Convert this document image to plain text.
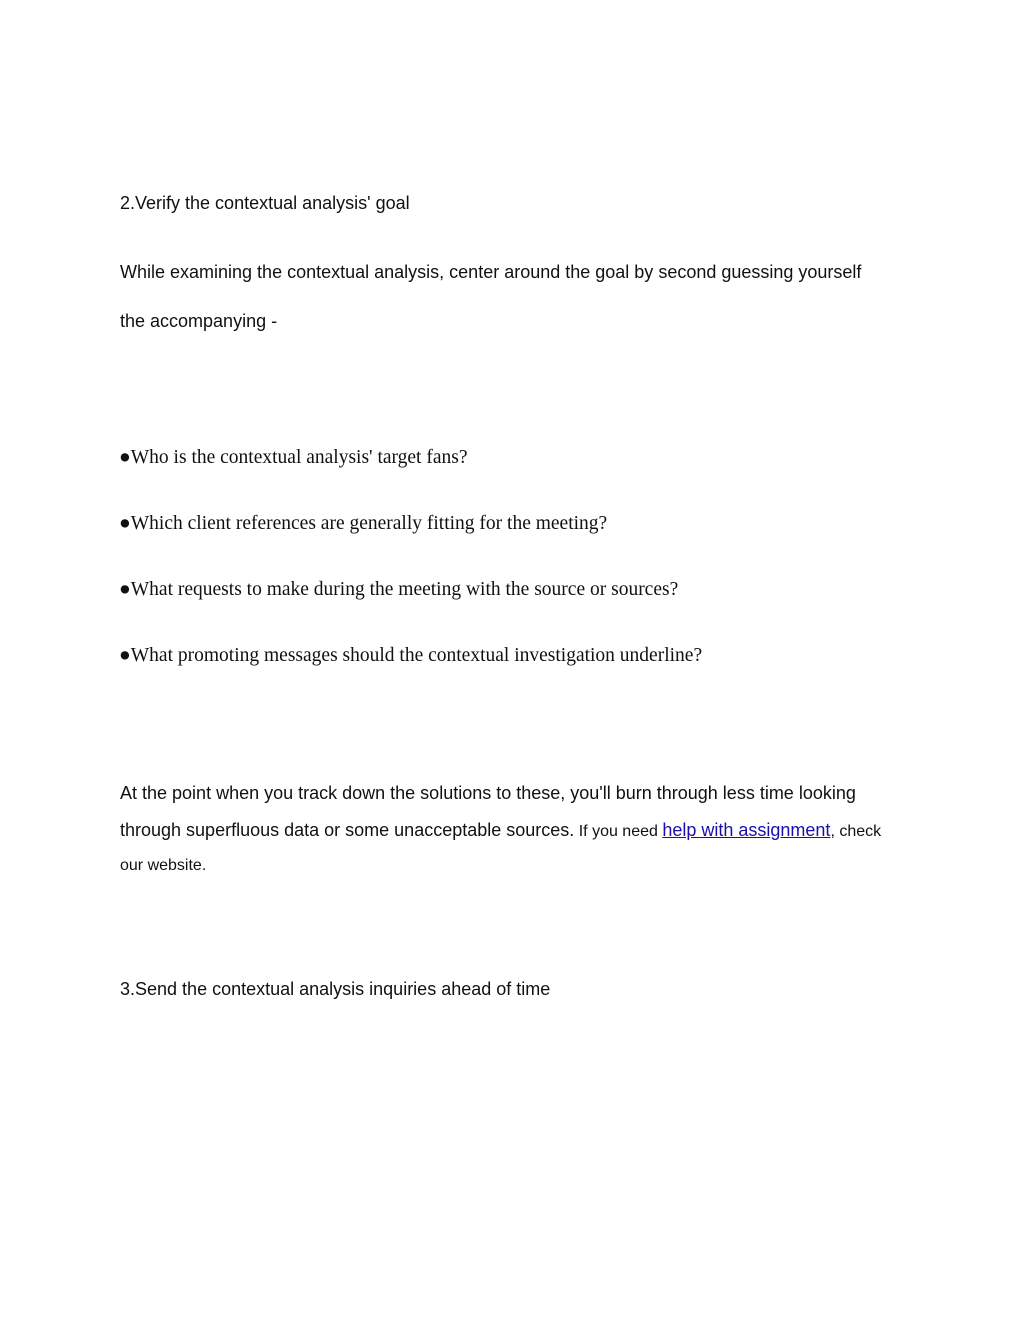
2.Verify the contextual analysis' goal
While examining the contextual analysis, center around the goal by second guessing yourself
the accompanying -
●Who is the contextual analysis' target fans?
●Which client references are generally fitting for the meeting?
●What requests to make during the meeting with the source or sources?
●What promoting messages should the contextual investigation underline?
At the point when you track down the solutions to these, you'll burn through less time looking
through superfluous data or some unacceptable sources. If you need help with assignment, check
our website.
3.Send the contextual analysis inquiries ahead of time
